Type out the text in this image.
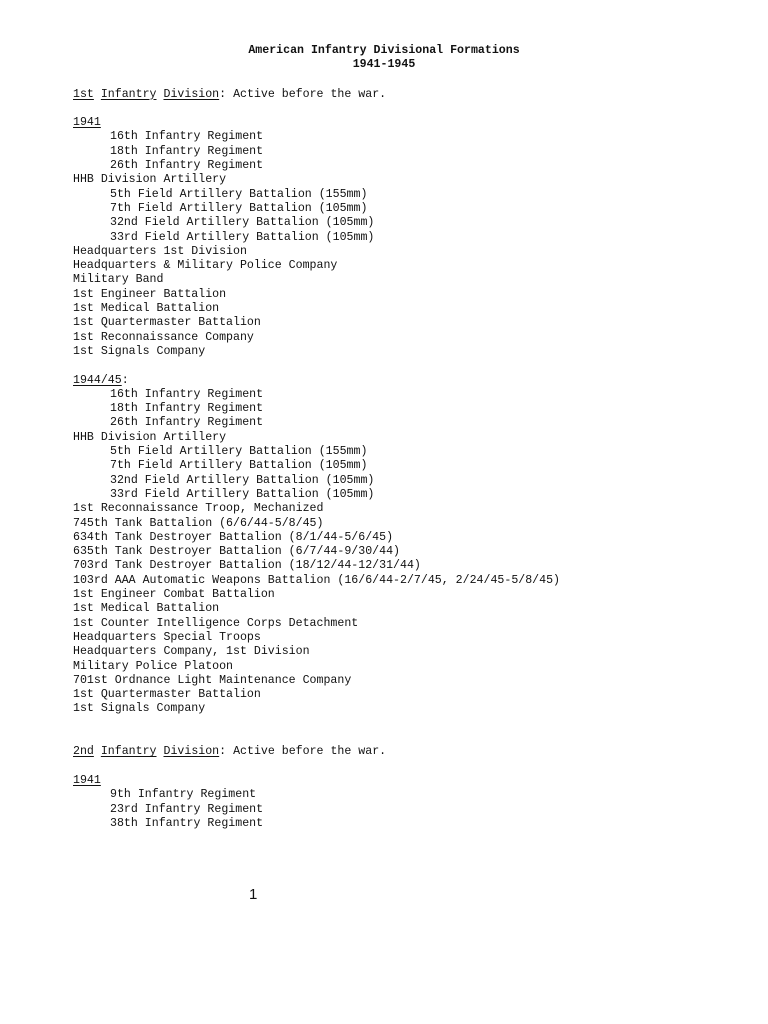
American Infantry Divisional Formations
1941-1945
1st Infantry Division: Active before the war.
1941
16th Infantry Regiment
18th Infantry Regiment
26th Infantry Regiment
HHB Division Artillery
5th Field Artillery Battalion (155mm)
7th Field Artillery Battalion (105mm)
32nd Field Artillery Battalion (105mm)
33rd Field Artillery Battalion (105mm)
Headquarters 1st Division
Headquarters & Military Police Company
Military Band
1st Engineer Battalion
1st Medical Battalion
1st Quartermaster Battalion
1st Reconnaissance Company
1st Signals Company
1944/45:
16th Infantry Regiment
18th Infantry Regiment
26th Infantry Regiment
HHB Division Artillery
5th Field Artillery Battalion (155mm)
7th Field Artillery Battalion (105mm)
32nd Field Artillery Battalion (105mm)
33rd Field Artillery Battalion (105mm)
1st Reconnaissance Troop, Mechanized
745th Tank Battalion (6/6/44-5/8/45)
634th Tank Destroyer Battalion (8/1/44-5/6/45)
635th Tank Destroyer Battalion (6/7/44-9/30/44)
703rd Tank Destroyer Battalion (18/12/44-12/31/44)
103rd AAA Automatic Weapons Battalion (16/6/44-2/7/45, 2/24/45-5/8/45)
1st Engineer Combat Battalion
1st Medical Battalion
1st Counter Intelligence Corps Detachment
Headquarters Special Troops
Headquarters Company, 1st Division
Military Police Platoon
701st Ordnance Light Maintenance Company
1st Quartermaster Battalion
1st Signals Company
2nd Infantry Division: Active before the war.
1941
9th Infantry Regiment
23rd Infantry Regiment
38th Infantry Regiment
1
